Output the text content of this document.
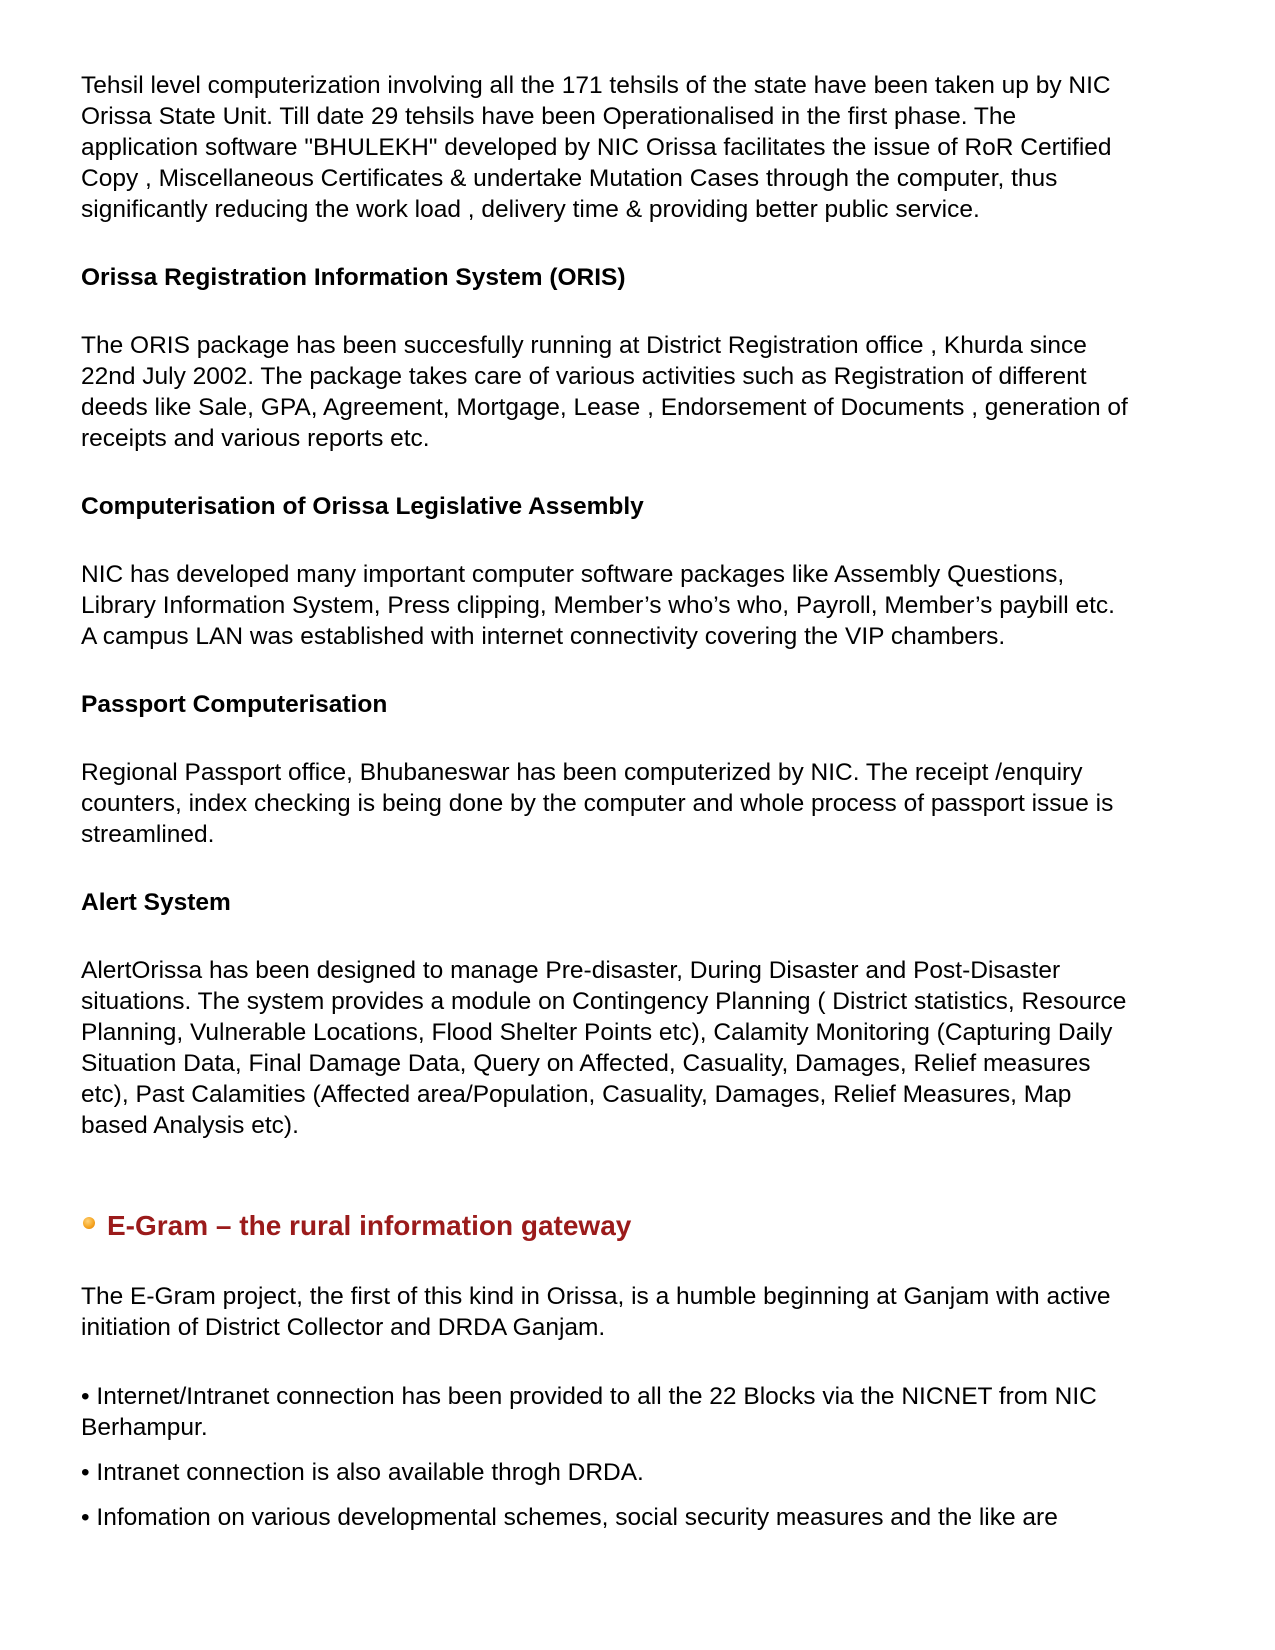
Tehsil level computerization involving all the 171 tehsils of the state have been taken up by NIC
Orissa State Unit. Till date 29 tehsils have been Operationalised in the first phase. The
application software "BHULEKH" developed by NIC Orissa facilitates the issue of RoR Certified
Copy , Miscellaneous Certificates & undertake Mutation Cases through the computer, thus
significantly reducing the work load , delivery time & providing better public service.

Orissa Registration Information System (ORIS)

The ORIS package has been succesfully running at District Registration office , Khurda since
22nd July 2002. The package takes care of various activities such as Registration of different
deeds like Sale, GPA, Agreement, Mortgage, Lease , Endorsement of Documents , generation of
receipts and various reports etc.

Computerisation of Orissa Legislative Assembly

NIC has developed many important computer software packages like Assembly Questions,
Library Information System, Press clipping, Member’s who’s who, Payroll, Member’s paybill etc.
A campus LAN was established with internet connectivity covering the VIP chambers.

Passport Computerisation

Regional Passport office, Bhubaneswar has been computerized by NIC. The receipt /enquiry
counters, index checking is being done by the computer and whole process of passport issue is
streamlined.

Alert System

AlertOrissa has been designed to manage Pre-disaster, During Disaster and Post-Disaster
situations. The system provides a module on Contingency Planning ( District statistics, Resource
Planning, Vulnerable Locations, Flood Shelter Points etc), Calamity Monitoring (Capturing Daily
Situation Data, Final Damage Data, Query on Affected, Casuality, Damages, Relief measures
etc), Past Calamities (Affected area/Population, Casuality, Damages, Relief Measures, Map
based Analysis etc).

E-Gram – the rural information gateway

The E-Gram project, the first of this kind in Orissa, is a humble beginning at Ganjam with active
initiation of District Collector and DRDA Ganjam.

• Internet/Intranet connection has been provided to all the 22 Blocks via the NICNET from NIC
Berhampur.
• Intranet connection is also available throgh DRDA.
• Infomation on various developmental schemes, social security measures and the like are
